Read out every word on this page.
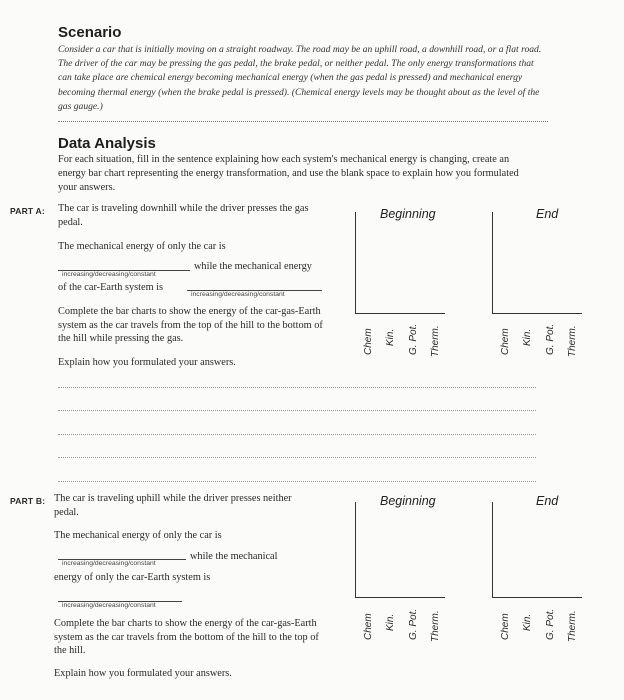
Scenario
Consider a car that is initially moving on a straight roadway. The road may be an uphill road, a downhill road, or a flat road. The driver of the car may be pressing the gas pedal, the brake pedal, or neither pedal. The only energy transformations that can take place are chemical energy becoming mechanical energy (when the gas pedal is pressed) and mechanical energy becoming thermal energy (when the brake pedal is pressed). (Chemical energy levels may be thought about as the level of the gas gauge.)
Data Analysis
For each situation, fill in the sentence explaining how each system's mechanical energy is changing, create an energy bar chart representing the energy transformation, and use the blank space to explain how you formulated your answers.
PART A: The car is traveling downhill while the driver presses the gas pedal.
The mechanical energy of only the car is
increasing/decreasing/constant
while the mechanical energy
of the car-Earth system is
increasing/decreasing/constant
Complete the bar charts to show the energy of the car-gas-Earth system as the car travels from the top of the hill to the bottom of the hill while pressing the gas.
Explain how you formulated your answers.
Beginning	End
Chem Kin. G. Pot. Therm.	Chem Kin. G. Pot. Therm.
PART B: The car is traveling uphill while the driver presses neither pedal.
The mechanical energy of only the car is
increasing/decreasing/constant
while the mechanical
energy of only the car-Earth system is
increasing/decreasing/constant
Complete the bar charts to show the energy of the car-gas-Earth system as the car travels from the bottom of the hill to the top of the hill.
Explain how you formulated your answers.
Beginning	End
Chem Kin. G. Pot. Therm.	Chem Kin. G. Pot. Therm.
